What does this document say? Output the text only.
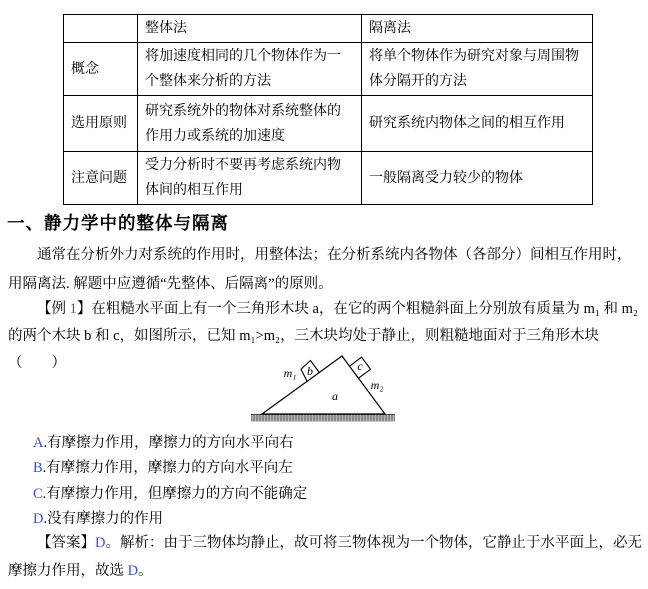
	整体法	隔离法
概念	将加速度相同的几个物体作为一个整体来分析的方法	将单个物体作为研究对象与周围物体分隔开的方法
选用原则	研究系统外的物体对系统整体的作用力或系统的加速度	研究系统内物体之间的相互作用
注意问题	受力分析时不要再考虑系统内物体间的相互作用	一般隔离受力较少的物体
一、静力学中的整体与隔离

通常在分析外力对系统的作用时，用整体法；在分析系统内各物体（各部分）间相互作用时，用隔离法. 解题中应遵循“先整体、后隔离”的原则。

【例 1】在粗糙水平面上有一个三角形木块 a，在它的两个粗糙斜面上分别放有质量为 m₁ 和 m₂ 的两个木块 b 和 c，如图所示，已知 m₁>m₂，三木块均处于静止，则粗糙地面对于三角形木块（　　）

m₁ b	c
m₂
a
A.有摩擦力作用，摩擦力的方向水平向右
B.有摩擦力作用，摩擦力的方向水平向左
C.有摩擦力作用，但摩擦力的方向不能确定
D.没有摩擦力的作用

【答案】D。解析：由于三物体均静止，故可将三物体视为一个物体，它静止于水平面上，必无摩擦力作用，故选 D。
